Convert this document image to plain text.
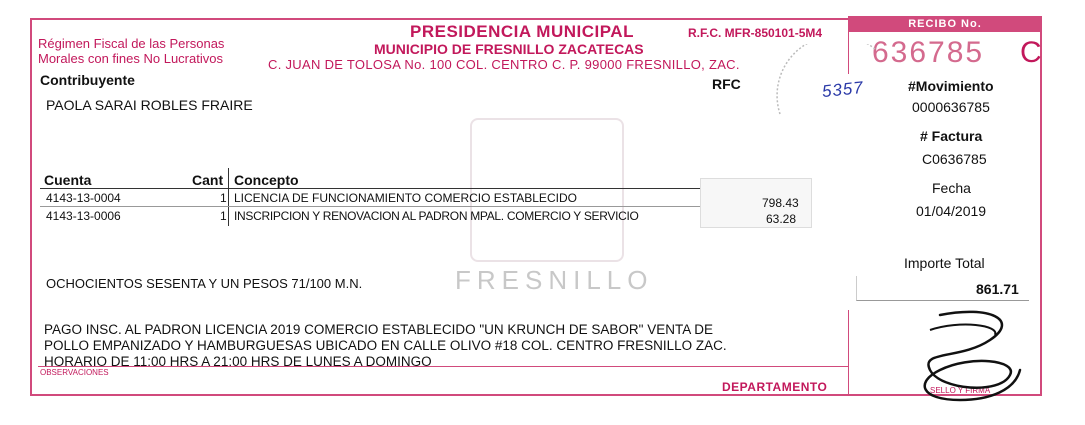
Régimen Fiscal de las Personas
Morales con fines No Lucrativos
PRESIDENCIA MUNICIPAL	R.F.C. MFR-850101-5M4
MUNICIPIO DE FRESNILLO ZACATECAS
C. JUAN DE TOLOSA No. 100 COL. CENTRO C. P. 99000 FRESNILLO, ZAC.
RECIBO No.
636785 C
Contribuyente	RFC
PAOLA SARAI ROBLES FRAIRE
5357	#Movimiento
0000636785
# Factura
C0636785
Fecha
01/04/2019
Cuenta	Cant Concepto
4143-13-0004	1 LICENCIA DE FUNCIONAMIENTO COMERCIO ESTABLECIDO	798.43
4143-13-0006	1 INSCRIPCION Y RENOVACION AL PADRON MPAL. COMERCIO Y SERVICIO	63.28
Importe Total
861.71
OCHOCIENTOS SESENTA Y UN PESOS 71/100 M.N.	FRESNILLO
PAGO INSC. AL PADRON LICENCIA 2019 COMERCIO ESTABLECIDO "UN KRUNCH DE SABOR" VENTA DE
POLLO EMPANIZADO Y HAMBURGUESAS UBICADO EN CALLE OLIVO #18 COL. CENTRO FRESNILLO ZAC.
HORARIO DE 11:00 HRS A 21:00 HRS DE LUNES A DOMINGO
OBSERVACIONES
DEPARTAMENTO	SELLO Y FIRMA
